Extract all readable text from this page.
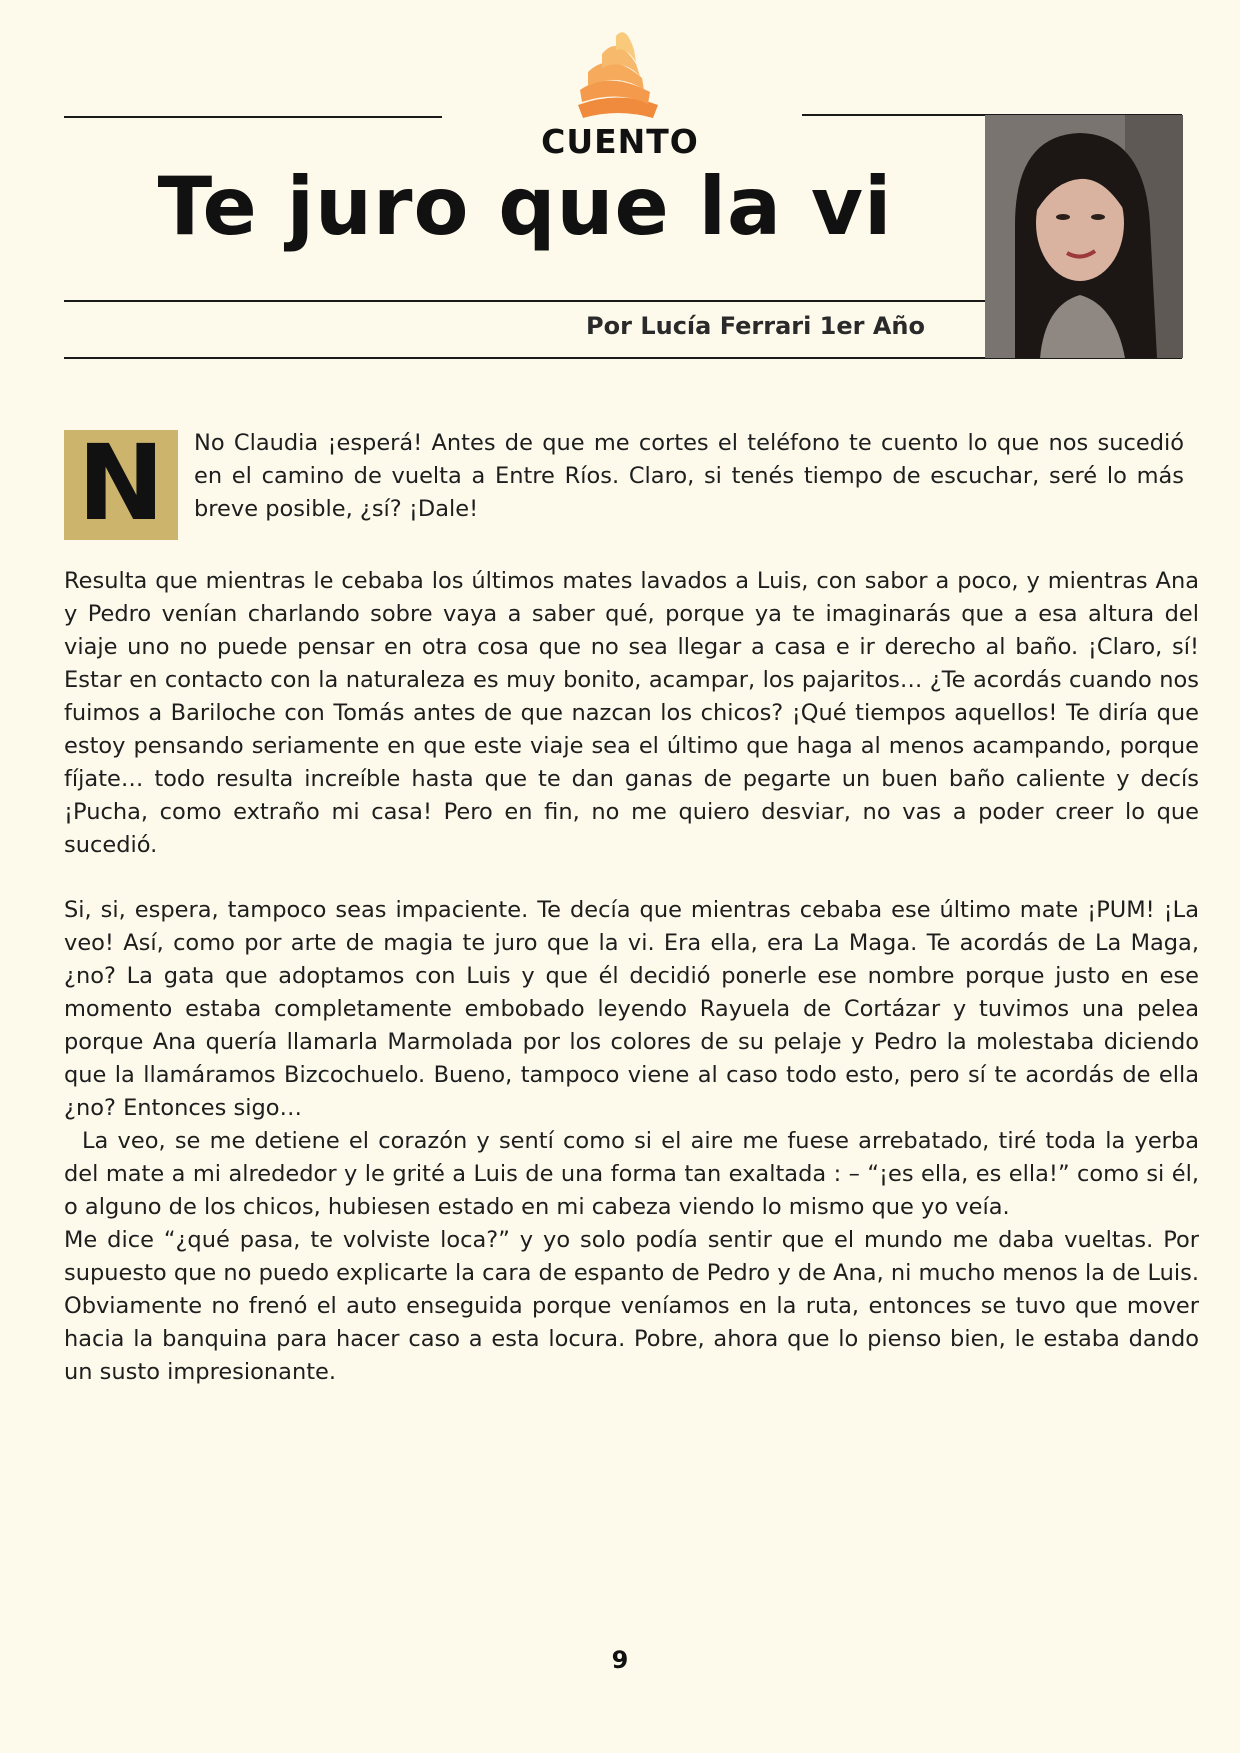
CUENTO
Te juro que la vi
Por Lucía Ferrari 1er Año
N	No Claudia ¡esperá! Antes de que me cortes el teléfono te cuento lo que nos sucedió en el camino de vuelta a Entre Ríos. Claro, si tenés tiempo de escuchar, seré lo más breve posible, ¿sí? ¡Dale!

Resulta que mientras le cebaba los últimos mates lavados a Luis, con sabor a poco, y mientras Ana y Pedro venían charlando sobre vaya a saber qué, porque ya te imaginarás que a esa altura del viaje uno no puede pensar en otra cosa que no sea llegar a casa e ir derecho al baño. ¡Claro, sí! Estar en contacto con la naturaleza es muy bonito, acampar, los pajaritos… ¿Te acordás cuando nos fuimos a Bariloche con Tomás antes de que nazcan los chicos? ¡Qué tiempos aquellos! Te diría que estoy pensando seriamente en que este viaje sea el último que haga al menos acampando, porque fíjate… todo resulta increíble hasta que te dan ganas de pegarte un buen baño caliente y decís ¡Pucha, como extraño mi casa! Pero en fin, no me quiero desviar, no vas a poder creer lo que sucedió.

Si, si, espera, tampoco seas impaciente. Te decía que mientras cebaba ese último mate ¡PUM! ¡La veo! Así, como por arte de magia te juro que la vi. Era ella, era La Maga. Te acordás de La Maga, ¿no? La gata que adoptamos con Luis y que él decidió ponerle ese nombre porque justo en ese momento estaba completamente embobado leyendo Rayuela de Cortázar y tuvimos una pelea porque Ana quería llamarla Marmolada por los colores de su pelaje y Pedro la molestaba diciendo que la llamáramos Bizcochuelo. Bueno, tampoco viene al caso todo esto, pero sí te acordás de ella ¿no? Entonces sigo…

La veo, se me detiene el corazón y sentí como si el aire me fuese arrebatado, tiré toda la yerba del mate a mi alrededor y le grité a Luis de una forma tan exaltada : – “¡es ella, es ella!” como si él, o alguno de los chicos, hubiesen estado en mi cabeza viendo lo mismo que yo veía.

Me dice “¿qué pasa, te volviste loca?” y yo solo podía sentir que el mundo me daba vueltas. Por supuesto que no puedo explicarte la cara de espanto de Pedro y de Ana, ni mucho menos la de Luis. Obviamente no frenó el auto enseguida porque veníamos en la ruta, entonces se tuvo que mover hacia la banquina para hacer caso a esta locura. Pobre, ahora que lo pienso bien, le estaba dando un susto impresionante.

9
